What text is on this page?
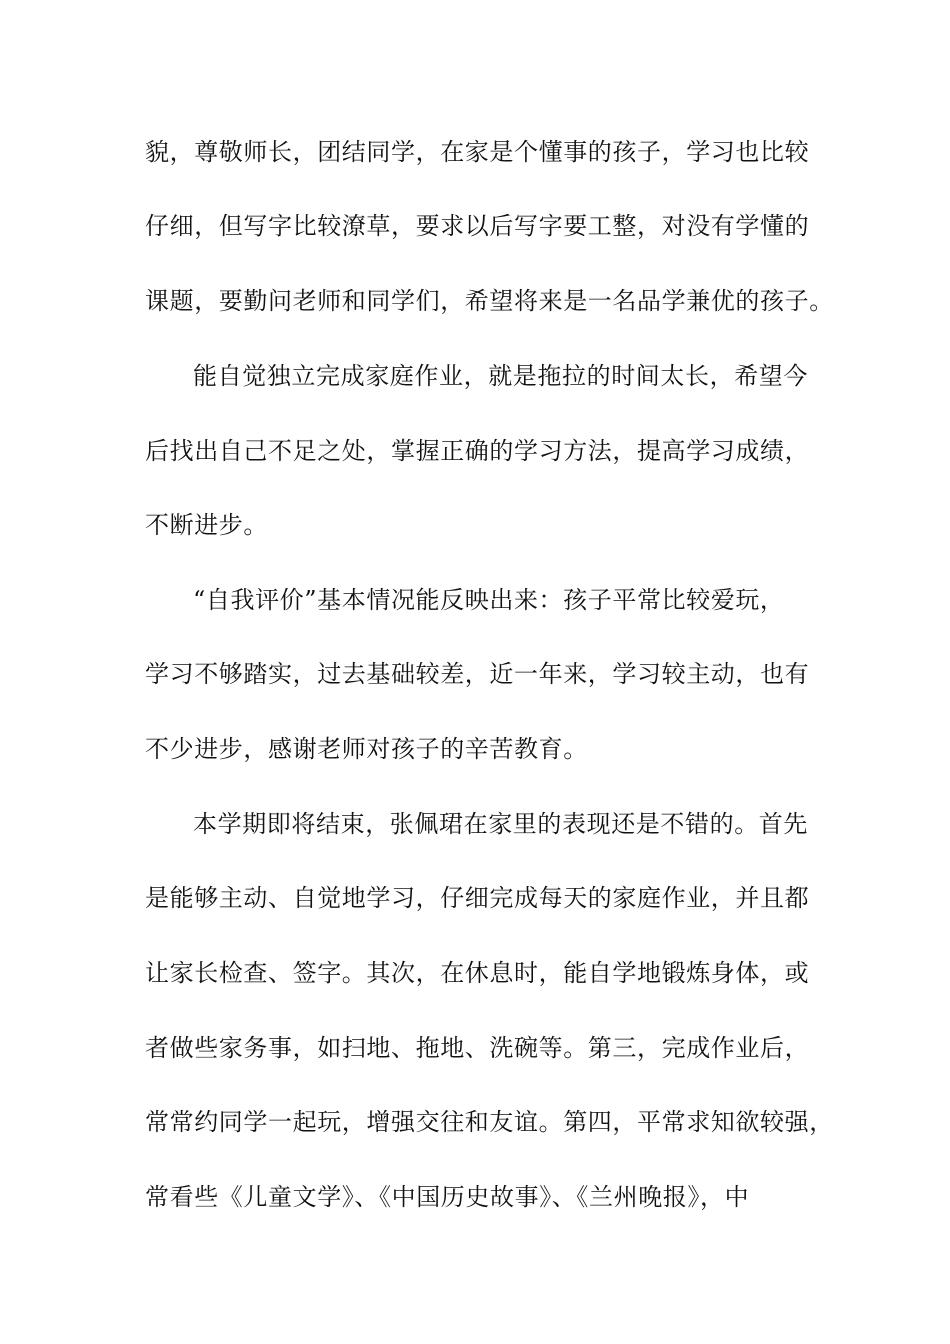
貌，尊敬师长，团结同学，在家是个懂事的孩子，学习也比较
仔细，但写字比较潦草，要求以后写字要工整，对没有学懂的
课题，要勤问老师和同学们，希望将来是一名品学兼优的孩子。
能自觉独立完成家庭作业，就是拖拉的时间太长，希望今
后找出自己不足之处，掌握正确的学习方法，提高学习成绩，
不断进步。
“自我评价”基本情况能反映出来：孩子平常比较爱玩，
学习不够踏实，过去基础较差，近一年来，学习较主动，也有
不少进步，感谢老师对孩子的辛苦教育。
本学期即将结束，张佩珺在家里的表现还是不错的。首先
是能够主动、自觉地学习，仔细完成每天的家庭作业，并且都
让家长检查、签字。其次，在休息时，能自学地锻炼身体，或
者做些家务事，如扫地、拖地、洗碗等。第三，完成作业后，
常常约同学一起玩，增强交往和友谊。第四，平常求知欲较强，
常看些《儿童文学》、《中国历史故事》、《兰州晚报》，中
